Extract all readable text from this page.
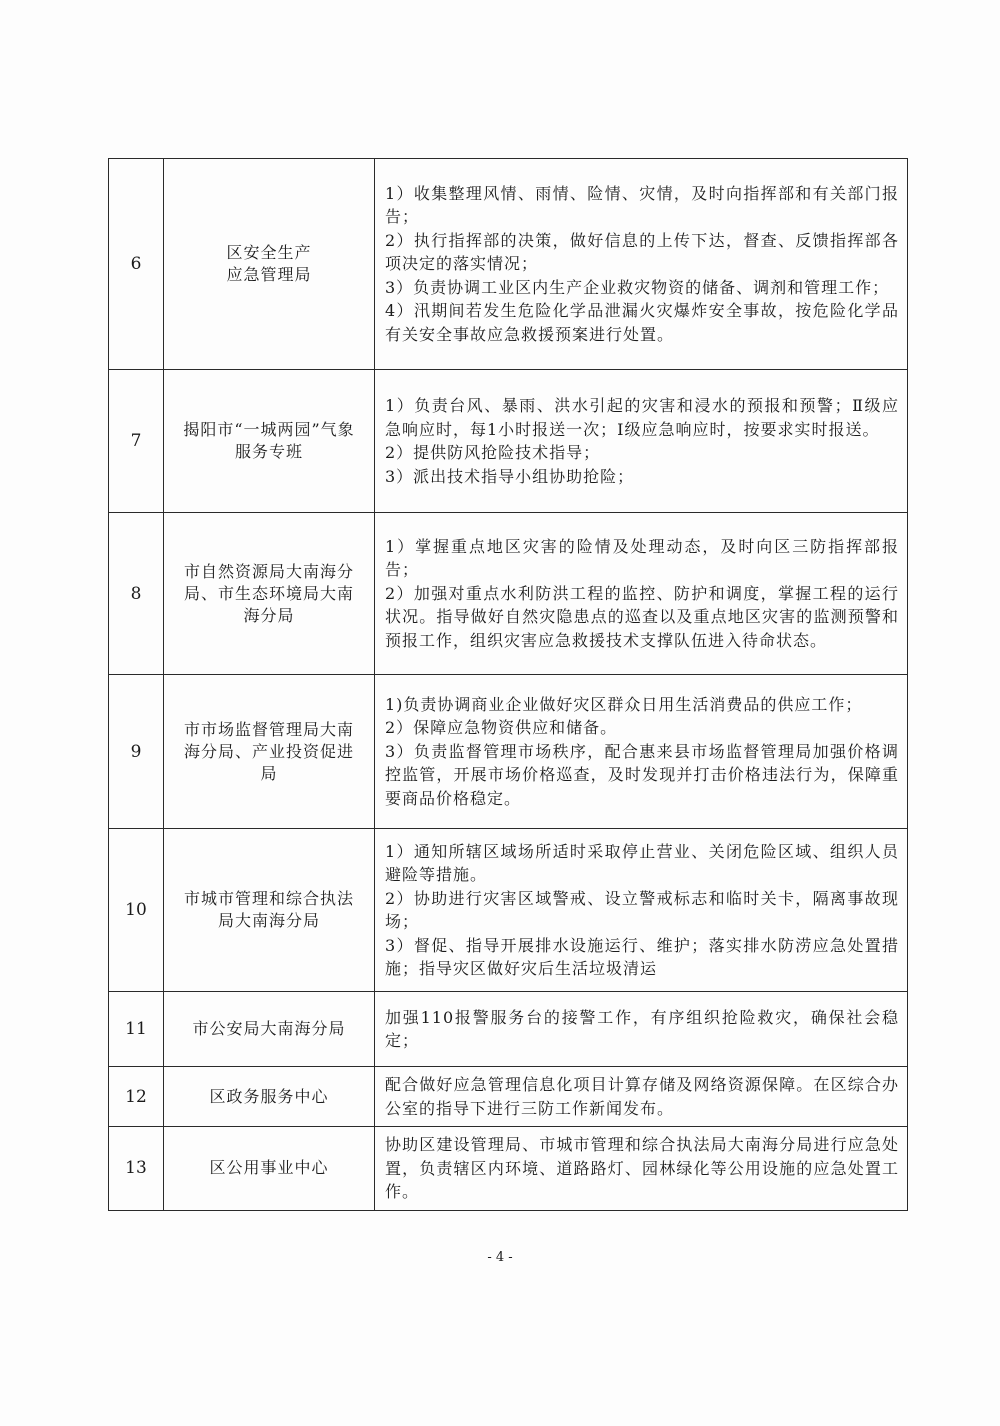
6	区安全生产
应急管理局	1）收集整理风情、雨情、险情、灾情，及时向指挥部和有关部门报告；
2）执行指挥部的决策，做好信息的上传下达，督查、反馈指挥部各项决定的落实情况；
3）负责协调工业区内生产企业救灾物资的储备、调剂和管理工作；
4）汛期间若发生危险化学品泄漏火灾爆炸安全事故，按危险化学品有关安全事故应急救援预案进行处置。

7	揭阳市“一城两园”气象服务专班	1）负责台风、暴雨、洪水引起的灾害和浸水的预报和预警；Ⅱ级应急响应时，每1小时报送一次；Ⅰ级应急响应时，按要求实时报送。
2）提供防风抢险技术指导；
3）派出技术指导小组协助抢险；

8	市自然资源局大南海分局、市生态环境局大南海分局	1）掌握重点地区灾害的险情及处理动态，及时向区三防指挥部报告；
2）加强对重点水利防洪工程的监控、防护和调度，掌握工程的运行状况。指导做好自然灾隐患点的巡查以及重点地区灾害的监测预警和预报工作，组织灾害应急救援技术支撑队伍进入待命状态。

9	市市场监督管理局大南海分局、产业投资促进局	1)负责协调商业企业做好灾区群众日用生活消费品的供应工作；
2）保障应急物资供应和储备。
3）负责监督管理市场秩序，配合惠来县市场监督管理局加强价格调控监管，开展市场价格巡查，及时发现并打击价格违法行为，保障重要商品价格稳定。

10	市城市管理和综合执法局大南海分局	1）通知所辖区域场所适时采取停止营业、关闭危险区域、组织人员避险等措施。
2）协助进行灾害区域警戒、设立警戒标志和临时关卡，隔离事故现场；
3）督促、指导开展排水设施运行、维护；落实排水防涝应急处置措施；指导灾区做好灾后生活垃圾清运

11	市公安局大南海分局	加强110报警服务台的接警工作，有序组织抢险救灾，确保社会稳定；

12	区政务服务中心	配合做好应急管理信息化项目计算存储及网络资源保障。在区综合办公室的指导下进行三防工作新闻发布。

13	区公用事业中心	协助区建设管理局、市城市管理和综合执法局大南海分局进行应急处置，负责辖区内环境、道路路灯、园林绿化等公用设施的应急处置工作。
- 4 -
